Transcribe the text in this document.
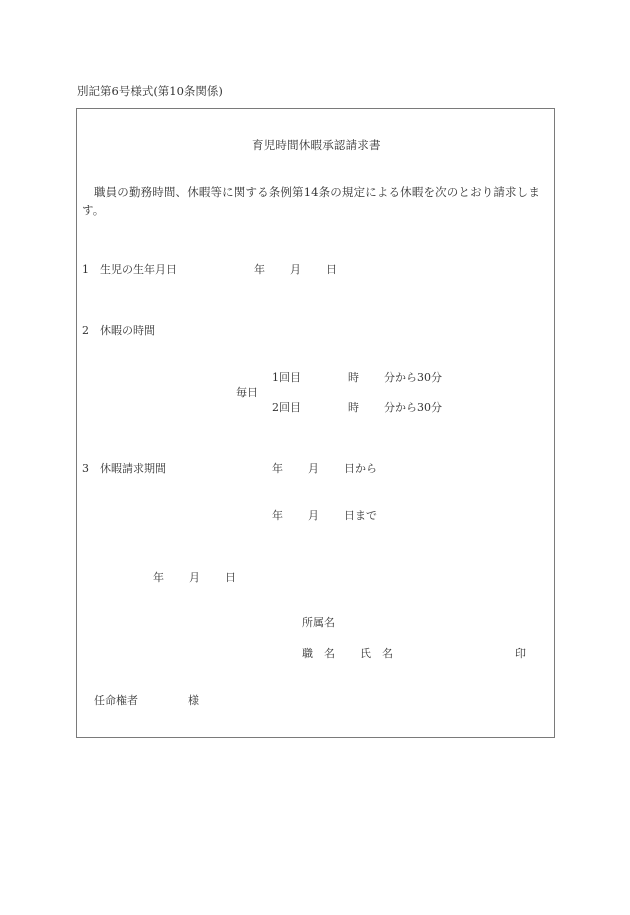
別記第6号様式(第10条関係)
育児時間休暇承認請求書
職員の勤務時間、休暇等に関する条例第14条の規定による休暇を次のとおり請求します。
1 生児の生年月日	年 月 日
2 休暇の時間
毎日
1回目	時 分から30分
2回目	時 分から30分
3 休暇請求期間	年 月 日から
年 月 日まで
年 月 日
所属名
職　名 氏　名	印
任命権者	様
